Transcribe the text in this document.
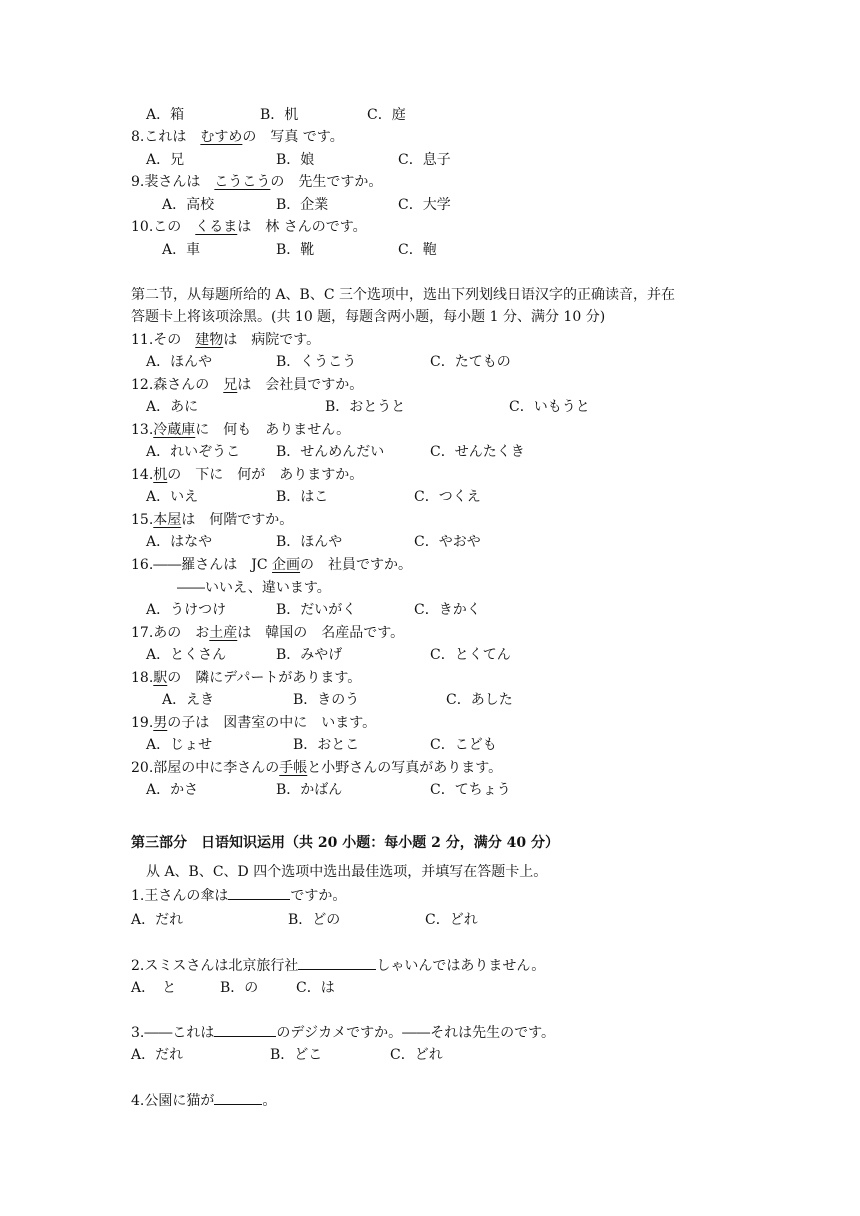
A．箱	B．机	C．庭
8.これは　 むすめの　写真 です。
A．兄	B．娘	C．息子
9.裴さんは　 こうこうの　先生ですか。
A．高校	B．企業	C．大学
10.この　 くるまは　林 さんのです。
A．車	B．靴	C．鞄
第二节，从每题所给的 A、B、C 三个选项中，选出下列划线日语汉字的正确读音，并在
答题卡上将该项涂黑。(共 10 题，每题含两小题，每小题 1 分、满分 10 分)
11.その　 建物は　病院です。
A．ほんや	B．くうこう	C．たてもの
12.森さんの　 兄は　会社員ですか。
A．あに	B．おとうと	C．いもうと
13.冷蔵庫に　何も　ありません。
A．れいぞうこ	B．せんめんだい	C．せんたくき
14.机の　下に　何が　ありますか。
A．いえ	B．はこ	C．つくえ
15.本屋は　何階ですか。
A．はなや	B．ほんや	C．やおや
16.――羅さんは　JC 企画の　社員ですか。
――いいえ、違います。
A．うけつけ	B．だいがく	C．きかく
17.あの　お土産は　韓国の　名産品です。
A．とくさん	B．みやげ	C．とくてん
18.駅の　隣にデパートがあります。
A．えき	B．きのう	C．あした
19.男の子は　図書室の中に　います。
A．じょせ	B．おとこ	C．こども
20.部屋の中に李さんの手帳と小野さんの写真があります。
A．かさ	B．かばん	C．てちょう
第三部分　日语知识运用（共 20 小题：每小题 2 分，满分 40 分）
从 A、B、C、D 四个选项中选出最佳选项，并填写在答题卡上。
1.王さんの傘は	ですか。
A．だれ	B．どの	C．どれ
2.スミスさんは北京旅行社	しゃいんではありません。
A．　と	B．の	C．は
3.――これは	のデジカメですか。――それは先生のです。
A．だれ	B．どこ	C．どれ
4.公園に猫が	。
